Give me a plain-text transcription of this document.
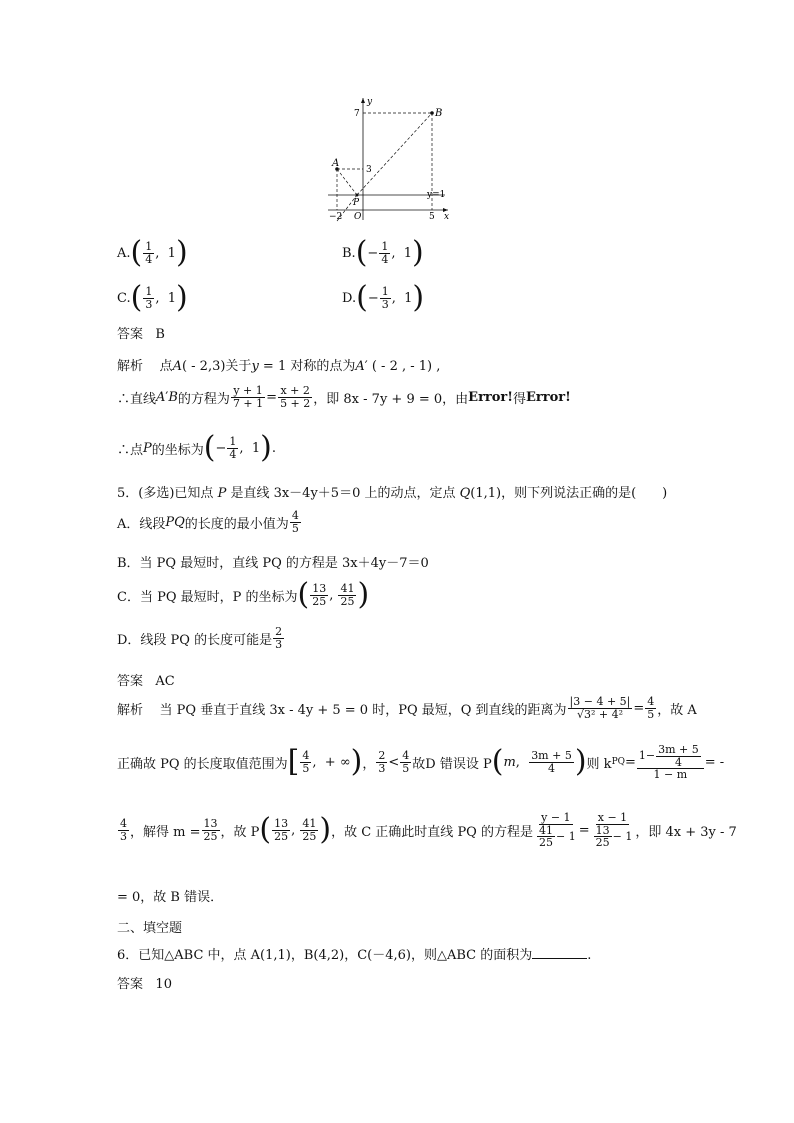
y
x
B
A
P
O
7
3
−2	5
y=1
A. ( $\frac{1}{4}$ , 1 )	B. ( − $\frac{1}{4}$ , 1 )
C. ( $\frac{1}{3}$ , 1 )	D. ( − $\frac{1}{3}$ , 1 )
答案 B
解析 点A( - 2,3)关于y = 1 对称的点为A′ ( - 2 , - 1) ,
∴直线 A ′ B 的方程为 $\frac{y + 1}{7 + 1} = \frac{x + 2}{5 + 2}$ ，即 8x - 7y + 9 = 0，由 Error! 得 Error!
∴点 P 的坐标为 ( − $\frac{1}{4}$ , 1 ) .
5．(多选)已知点 P 是直线 3x－4y＋5＝0 上的动点，定点 Q(1,1)，则下列说法正确的是(　　)
A．线段 PQ 的长度的最小值为 $\frac{4}{5}$
B．当 PQ 最短时，直线 PQ 的方程是 3x＋4y－7＝0
C．当 PQ 最短时，P 的坐标为 ( $\frac{13}{25}$ , $\frac{41}{25}$ )
D．线段 PQ 的长度可能是 $\frac{2}{3}$
答案 AC
解析
当 PQ 垂直于直线 3x - 4y + 5 = 0 时，PQ 最短，Q 到直线的距离为 $\frac{|3 - 4 + 5|}{\text{√3² + 4²}} = \frac{4}{5}$ ，故 A
正确故 PQ 的长度取值范围为 [ $\frac{4}{5}$ , + ∞ ) ， $\frac{2}{3} < \frac{4}{5}$ 故D 错误设 P ( m , $\frac{3m + 5}{4}$ ) 则 k PQ = $\frac{1- \frac{3m + 5}{4}}{1 - m}$ = -
$\frac{4}{3}$ ，解得 $m = \frac{13}{25}$ ，故 P ( $\frac{13}{25}$ , $\frac{41}{25}$ ) ，故 C 正确此时直线 PQ 的方程是 $\frac{y - 1}{\frac{41}{25} - 1} = \frac{x - 1}{\frac{13}{25} - 1}$ ，即 4x + 3y - 7
= 0，故 B 错误．
二、填空题
6．已知△ABC 中，点 A(1,1)，B(4,2)，C(－4,6)，则△ABC 的面积为	.
答案 10
